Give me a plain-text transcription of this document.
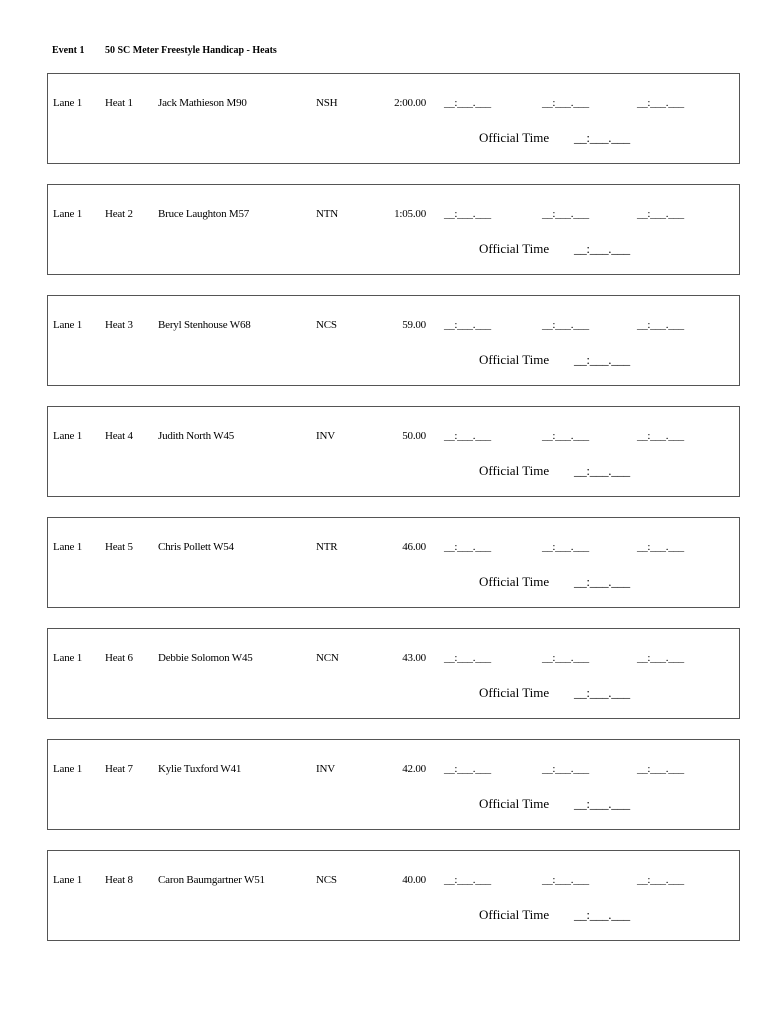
Event 1 50 SC Meter Freestyle Handicap - Heats
Lane 1 Heat 1 Jack Mathieson M90	NSH	2:00.00 __:___.___	__:___.___	__:___.___
Official Time __:___.___
Lane 1 Heat 2 Bruce Laughton M57	NTN	1:05.00 __:___.___	__:___.___	__:___.___
Official Time __:___.___
Lane 1 Heat 3 Beryl Stenhouse W68	NCS	59.00 __:___.___	__:___.___	__:___.___
Official Time __:___.___
Lane 1 Heat 4 Judith North W45	INV	50.00 __:___.___	__:___.___	__:___.___
Official Time __:___.___
Lane 1 Heat 5 Chris Pollett W54	NTR	46.00 __:___.___	__:___.___	__:___.___
Official Time __:___.___
Lane 1 Heat 6 Debbie Solomon W45	NCN	43.00 __:___.___	__:___.___	__:___.___
Official Time __:___.___
Lane 1 Heat 7 Kylie Tuxford W41	INV	42.00 __:___.___	__:___.___	__:___.___
Official Time __:___.___
Lane 1 Heat 8 Caron Baumgartner W51	NCS	40.00 __:___.___	__:___.___	__:___.___
Official Time __:___.___
